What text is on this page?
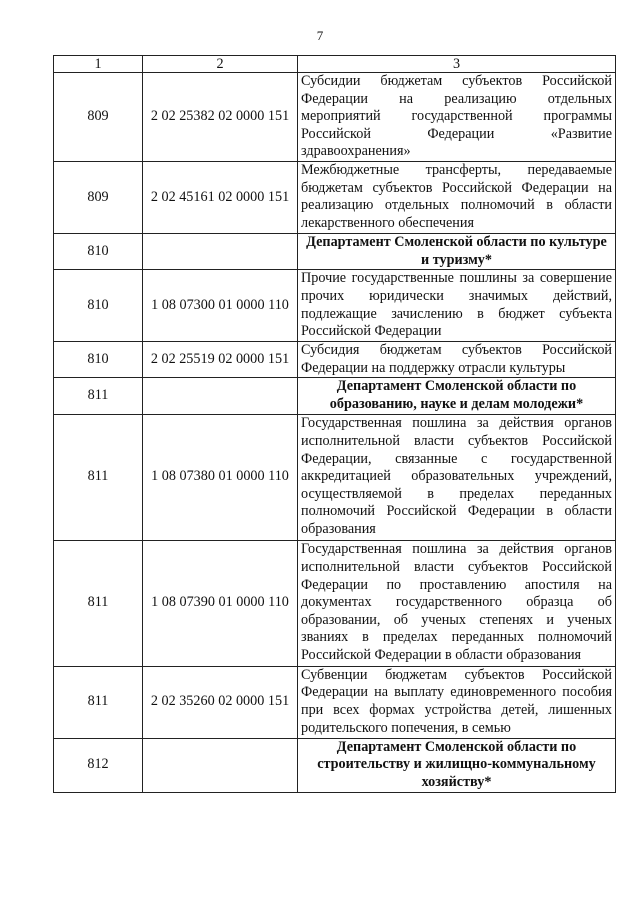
7
1	2	3
809	2 02 25382 02 0000 151	Субсидии бюджетам субъектов Российской Федерации на реализацию отдельных мероприятий государственной программы Российской Федерации «Развитие здравоохранения»
809	2 02 45161 02 0000 151	Межбюджетные трансферты, передаваемые бюджетам субъектов Российской Федерации на реализацию отдельных полномочий в области лекарственного обеспечения
810		Департамент Смоленской области по культуре и туризму*
810	1 08 07300 01 0000 110	Прочие государственные пошлины за совершение прочих юридически значимых действий, подлежащие зачислению в бюджет субъекта Российской Федерации
810	2 02 25519 02 0000 151	Субсидия бюджетам субъектов Российской Федерации на поддержку отрасли культуры
811		Департамент Смоленской области по образованию, науке и делам молодежи*
811	1 08 07380 01 0000 110	Государственная пошлина за действия органов исполнительной власти субъектов Российской Федерации, связанные с государственной аккредитацией образовательных учреждений, осуществляемой в пределах переданных полномочий Российской Федерации в области образования
811	1 08 07390 01 0000 110	Государственная пошлина за действия органов исполнительной власти субъектов Российской Федерации по проставлению апостиля на документах государственного образца об образовании, об ученых степенях и ученых званиях в пределах переданных полномочий Российской Федерации в области образования
811	2 02 35260 02 0000 151	Субвенции бюджетам субъектов Российской Федерации на выплату единовременного пособия при всех формах устройства детей, лишенных родительского попечения, в семью
812		Департамент Смоленской области по строительству и жилищно-коммунальному хозяйству*
